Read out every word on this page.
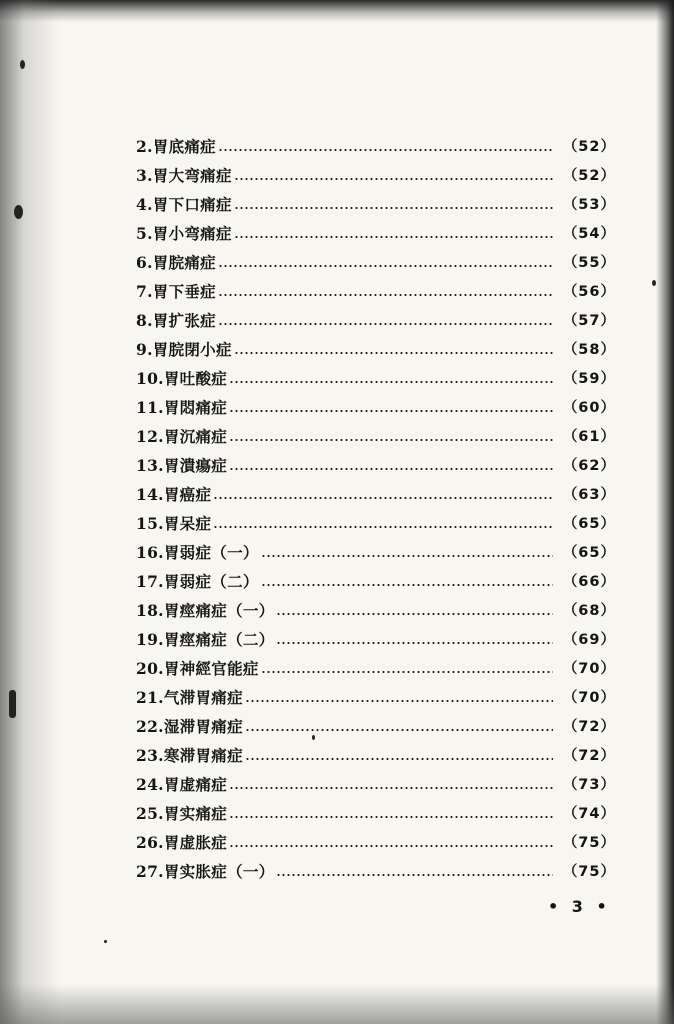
2.胃底痛症	（52）
3.胃大弯痛症	（52）
4.胃下口痛症	（53）
5.胃小弯痛症	（54）
6.胃脘痛症	（55）
7.胃下垂症	（56）
8.胃扩张症	（57）
9.胃脘閉小症	（58）
10.胃吐酸症	（59）
11.胃悶痛症	（60）
12.胃沉痛症	（61）
13.胃潰瘍症	（62）
14.胃癌症	（63）
15.胃呆症	（65）
16.胃弱症（一）	（65）
17.胃弱症（二）	（66）
18.胃痙痛症（一）	（68）
19.胃痙痛症（二）	（69）
20.胃神經官能症	（70）
21.气滞胃痛症	（70）
22.湿滞胃痛症	（72）
23.寒滞胃痛症	（72）
24.胃虚痛症	（73）
25.胃实痛症	（74）
26.胃虚胀症	（75）
27.胃实胀症（一）	（75）
• 3 •
